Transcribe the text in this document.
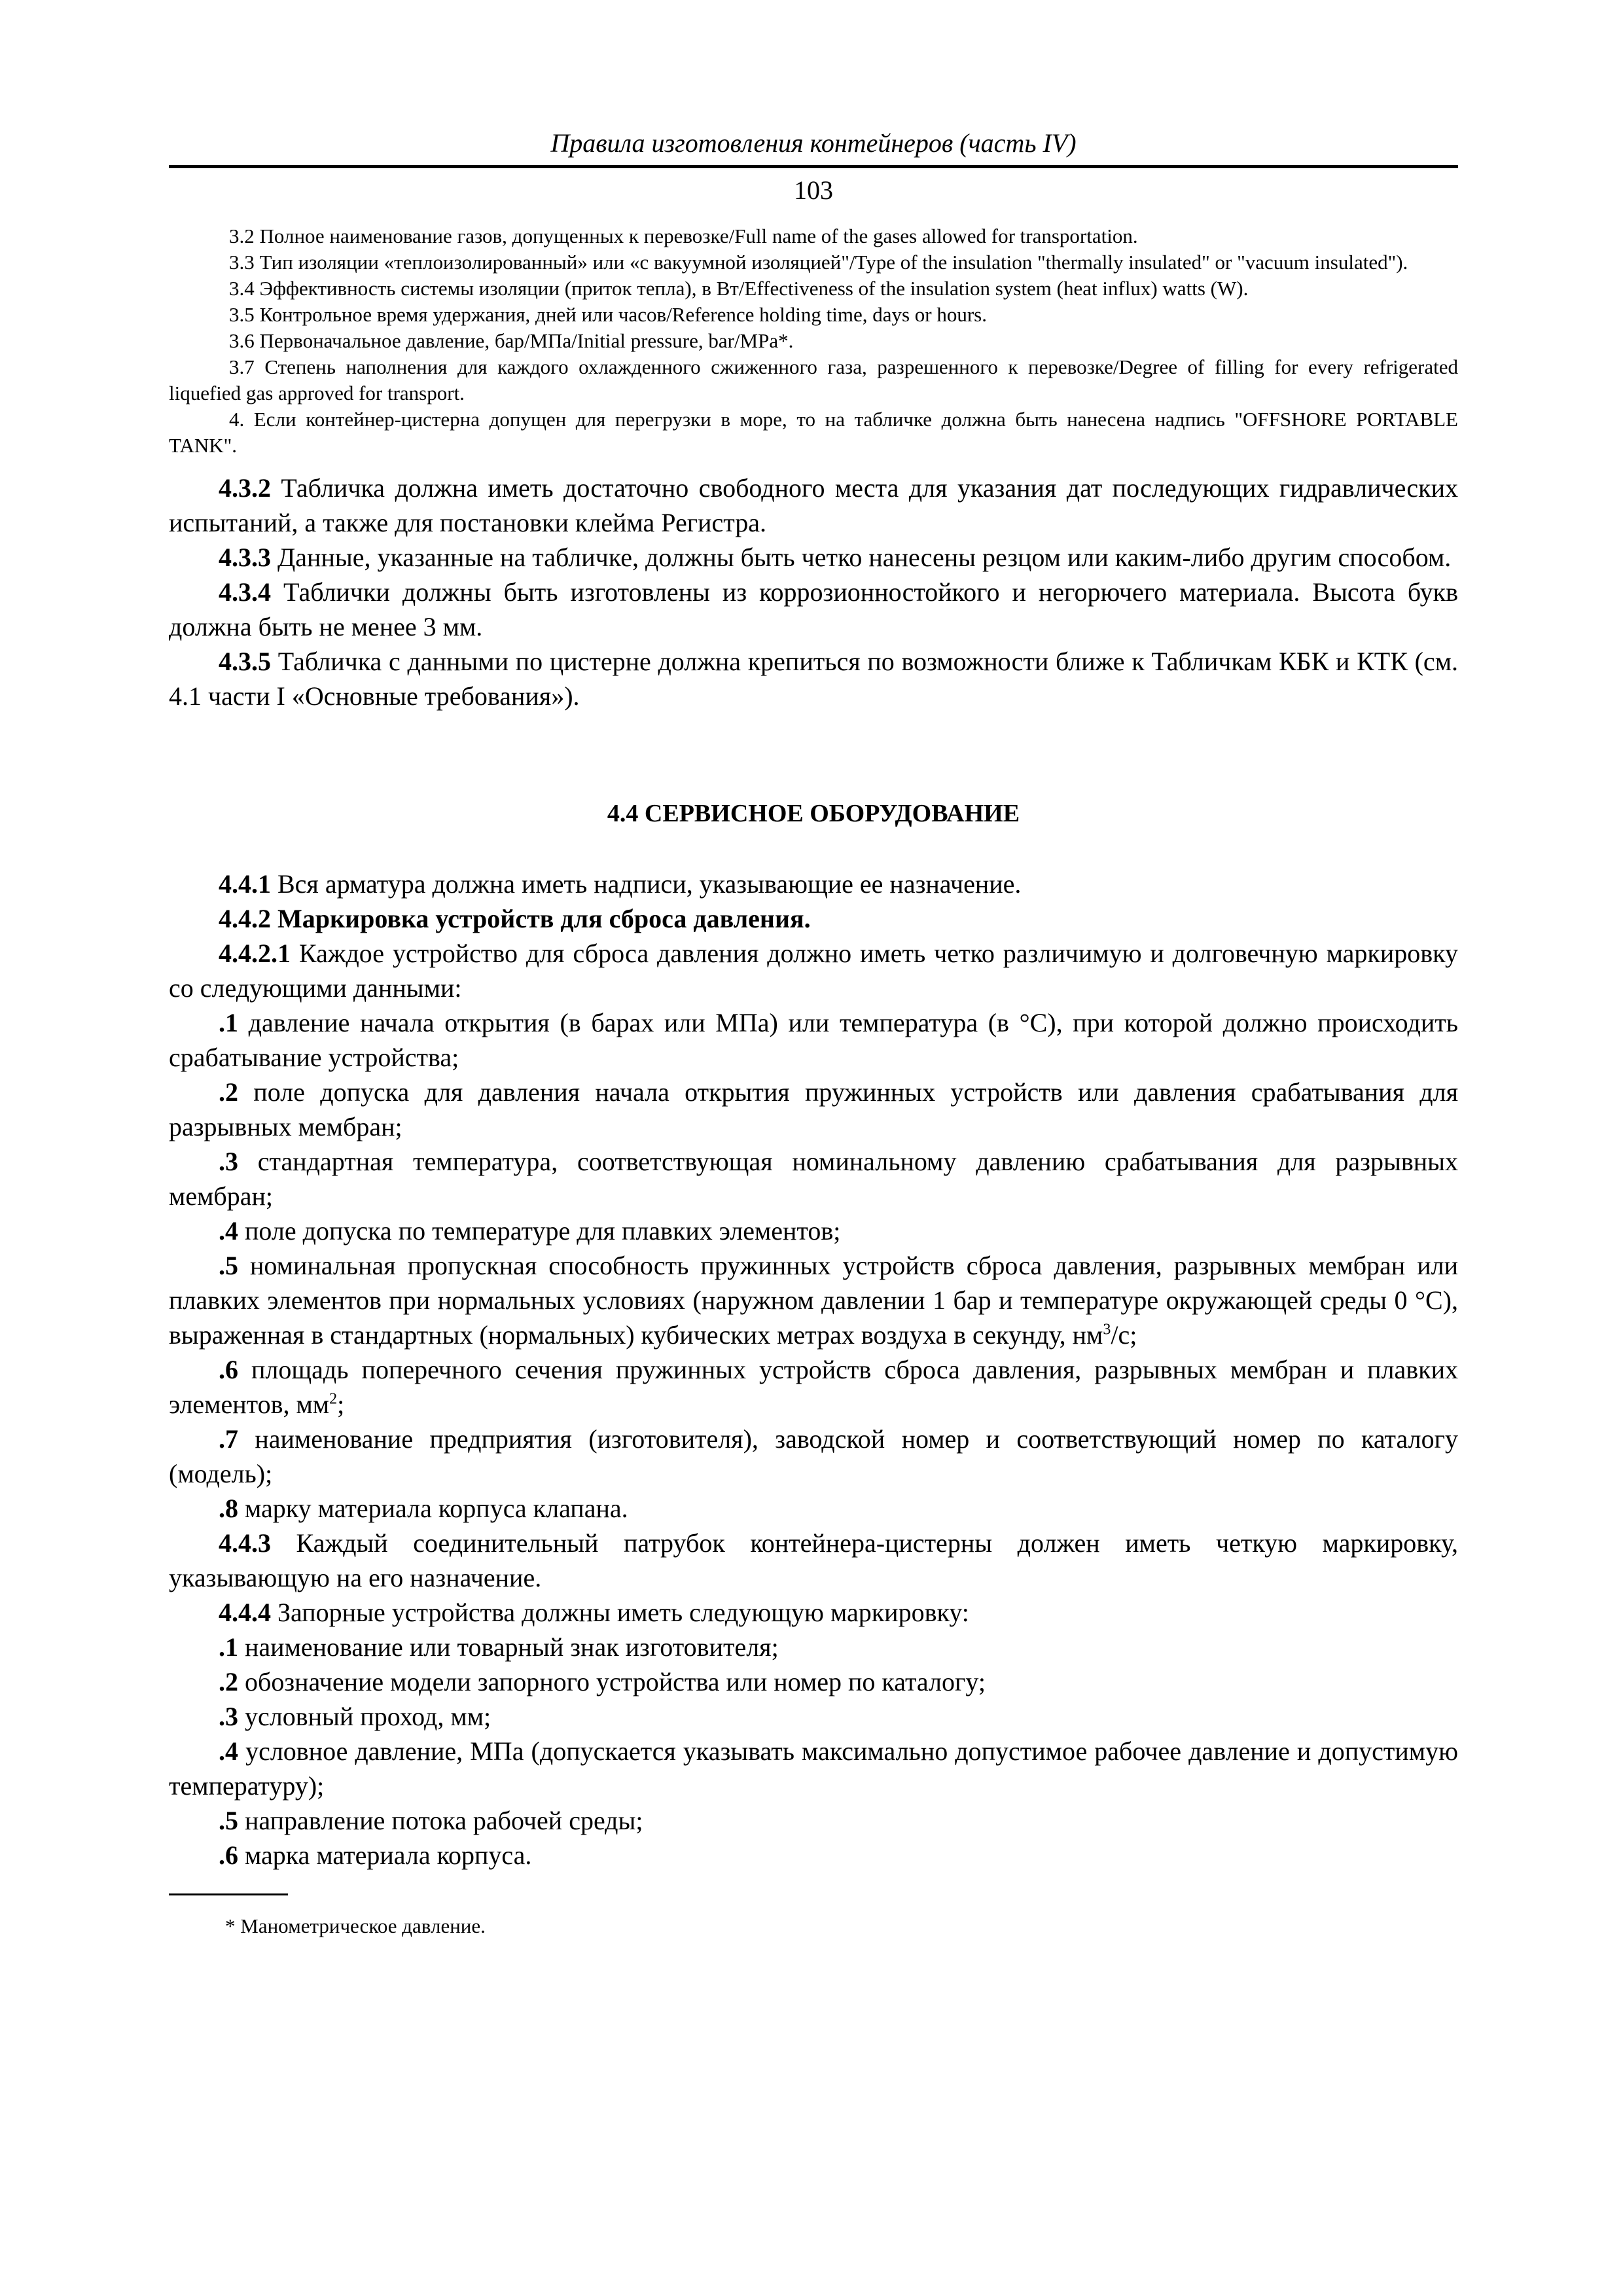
Правила изготовления контейнеров (часть IV)
103

3.2 Полное наименование газов, допущенных к перевозке/Full name of the gases allowed for transportation.

3.3 Тип изоляции «теплоизолированный» или «с вакуумной изоляцией"/Type of the insulation "thermally insulated" or "vacuum insulated").

3.4 Эффективность системы изоляции (приток тепла), в Вт/Effectiveness of the insulation system (heat influx) watts (W).

3.5 Контрольное время удержания, дней или часов/Reference holding time, days or hours.

3.6 Первоначальное давление, бар/МПа/Initial pressure, bar/MPa*.

3.7 Степень наполнения для каждого охлажденного сжиженного газа, разрешенного к перевозке/Degree of filling for every refrigerated liquefied gas approved for transport.

4. Если контейнер-цистерна допущен для перегрузки в море, то на табличке должна быть нанесена надпись "OFFSHORE PORTABLE TANK".

4.3.2 Табличка должна иметь достаточно свободного места для указания дат последующих гидравлических испытаний, а также для постановки клейма Регистра.

4.3.3 Данные, указанные на табличке, должны быть четко нанесены резцом или каким-либо другим способом.

4.3.4 Таблички должны быть изготовлены из коррозионностойкого и негорючего материала. Высота букв должна быть не менее 3 мм.

4.3.5 Табличка с данными по цистерне должна крепиться по возможности ближе к Табличкам КБК и КТК (см. 4.1 части I «Основные требования»).

4.4 СЕРВИСНОЕ ОБОРУДОВАНИЕ

4.4.1 Вся арматура должна иметь надписи, указывающие ее назначение.

4.4.2 Маркировка устройств для сброса давления.

4.4.2.1 Каждое устройство для сброса давления должно иметь четко различимую и долговечную маркировку со следующими данными:

.1 давление начала открытия (в барах или МПа) или температура (в °С), при которой должно происходить срабатывание устройства;

.2 поле допуска для давления начала открытия пружинных устройств или давления срабатывания для разрывных мембран;

.3 стандартная температура, соответствующая номинальному давлению срабатывания для разрывных мембран;

.4 поле допуска по температуре для плавких элементов;

.5 номинальная пропускная способность пружинных устройств сброса давления, разрывных мембран или плавких элементов при нормальных условиях (наружном давлении 1 бар и температуре окружающей среды 0 °С), выраженная в стандартных (нормальных) кубических метрах воздуха в секунду, $нм^3/с$;

.6 площадь поперечного сечения пружинных устройств сброса давления, разрывных мембран и плавких элементов, $мм^2$;

.7 наименование предприятия (изготовителя), заводской номер и соответствующий номер по каталогу (модель);

.8 марку материала корпуса клапана.

4.4.3 Каждый соединительный патрубок контейнера-цистерны должен иметь четкую маркировку, указывающую на его назначение.

4.4.4 Запорные устройства должны иметь следующую маркировку:

.1 наименование или товарный знак изготовителя;

.2 обозначение модели запорного устройства или номер по каталогу;

.3 условный проход, мм;

.4 условное давление, МПа (допускается указывать максимально допустимое рабочее давление и допустимую температуру);

.5 направление потока рабочей среды;

.6 марка материала корпуса.

* Манометрическое давление.
